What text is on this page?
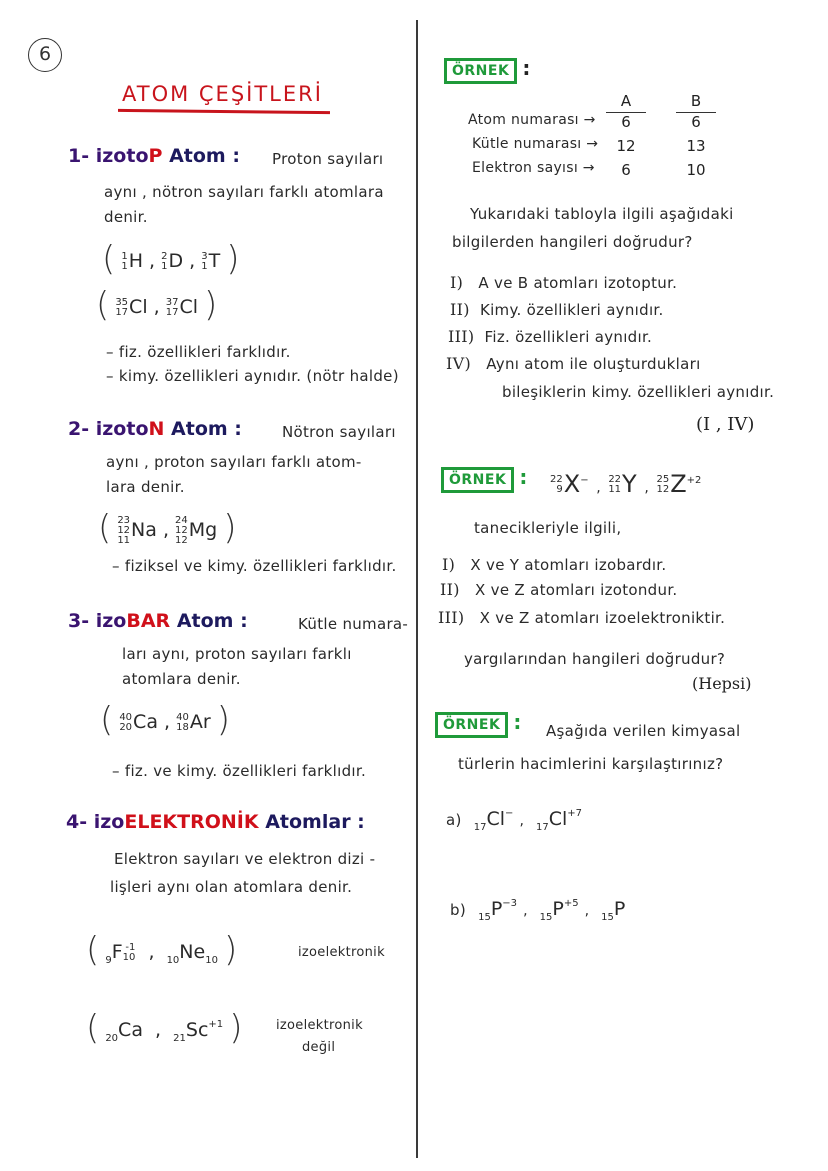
6
ATOM ÇEŞİTLERİ
1- izotoP Atom : Proton sayıları
aynı , nötron sayıları farklı atomlara
denir.
( 1
1 H , 2
1 D , 3
1 T )
( 35
17 Cl , 37
17 Cl )
– fiz. özellikleri farklıdır.
– kimy. özellikleri aynıdır. (nötr halde)
2- izotoN Atom :	Nötron sayıları
aynı , proton sayıları farklı atom-
lara denir.
( 23
12
11 Na , 24
12
12 Mg )
– fiziksel ve kimy. özellikleri farklıdır.
3- izoBAR Atom :	Kütle numara-
ları aynı, proton sayıları farklı
atomlara denir.
( 40
20 Ca , 40
18 Ar )
– fiz. ve kimy. özellikleri farklıdır.
4- izoELEKTRONİK Atomlar :
Elektron sayıları ve elektron dizi -
lişleri aynı olan atomlara denir.
( $_9$F -1
10 ,  $_{10}Ne_{10}$ )	izoelektronik
( $_{20}$Ca  ,  $_{21}Sc^{+1}$ )	izoelektronik
değil
ÖRNEK :
A	B
Atom numarası →	6	6
Kütle numarası →	12	13
Elektron sayısı →	6	10
Yukarıdaki tabloyla ilgili aşağıdaki
bilgilerden hangileri doğrudur?
I) A ve B atomları izotoptur.
II) Kimy. özellikleri aynıdır.
III) Fiz. özellikleri aynıdır.
IV) Aynı atom ile oluşturdukları
bileşiklerin kimy. özellikleri aynıdır.
(I , IV)
ÖRNEK : 22
9 X− ,
22
11 Y ,
25
12 $Z^{+2}$
tanecikleriyle ilgili,
I) X ve Y atomları izobardır.
II) X ve Z atomları izotondur.
III) X ve Z atomları izoelektroniktir.
yargılarından hangileri doğrudur?
(Hepsi)
ÖRNEK : Aşağıda verilen kimyasal
türlerin hacimlerini karşılaştırınız?
a) $_{17}$Cl− , $_{17}Cl^{+7}$
b) $_{15}P^{-3}$ , $_{15}P^{+5}$ , $_{15}$P
